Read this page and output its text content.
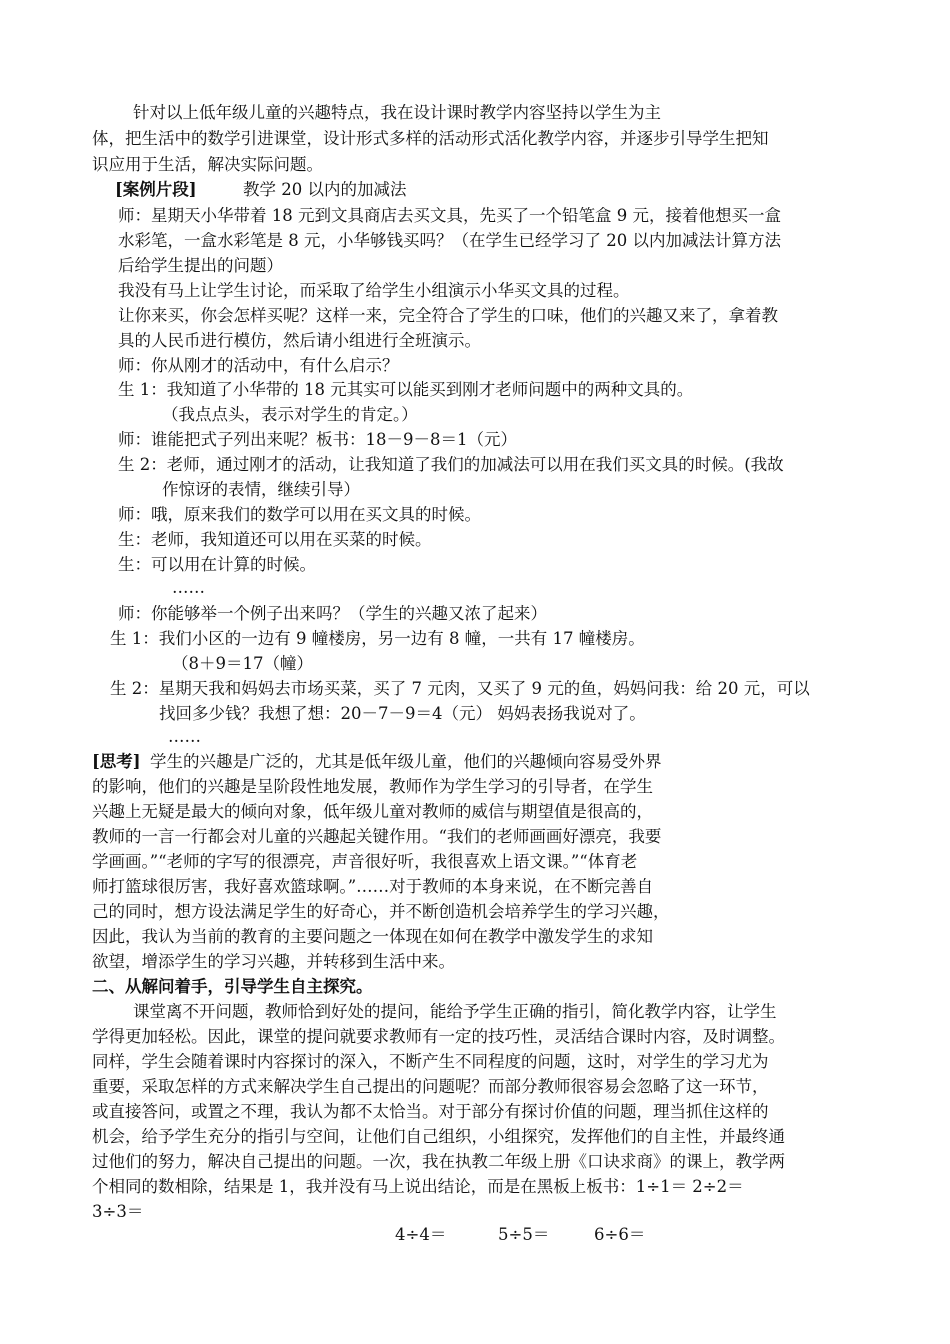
针对以上低年级儿童的兴趣特点，我在设计课时教学内容坚持以学生为主
体，把生活中的数学引进课堂，设计形式多样的活动形式活化教学内容，并逐步引导学生把知
识应用于生活，解决实际问题。
[案例片段]	教学 20 以内的加减法
师：星期天小华带着 18 元到文具商店去买文具，先买了一个铅笔盒 9 元，接着他想买一盒
水彩笔，一盒水彩笔是 8 元，小华够钱买吗？（在学生已经学习了 20 以内加减法计算方法
后给学生提出的问题）
我没有马上让学生讨论，而采取了给学生小组演示小华买文具的过程。
让你来买，你会怎样买呢？这样一来，完全符合了学生的口味，他们的兴趣又来了，拿着教
具的人民币进行模仿，然后请小组进行全班演示。
师：你从刚才的活动中，有什么启示？
生 1：我知道了小华带的 18 元其实可以能买到刚才老师问题中的两种文具的。
（我点点头，表示对学生的肯定。）
师：谁能把式子列出来呢？板书：18－9－8＝1（元）
生 2：老师，通过刚才的活动，让我知道了我们的加减法可以用在我们买文具的时候。(我故
作惊讶的表情，继续引导）
师：哦，原来我们的数学可以用在买文具的时候。
生：老师，我知道还可以用在买菜的时候。
生：可以用在计算的时候。
……
师：你能够举一个例子出来吗？（学生的兴趣又浓了起来）
生 1：我们小区的一边有 9 幢楼房，另一边有 8 幢，一共有 17 幢楼房。
（8＋9＝17（幢）
生 2：星期天我和妈妈去市场买菜，买了 7 元肉，又买了 9 元的鱼，妈妈问我：给 20 元，可以
找回多少钱？我想了想：20－7－9＝4（元） 妈妈表扬我说对了。
……
[思考] 学生的兴趣是广泛的，尤其是低年级儿童，他们的兴趣倾向容易受外界
的影响，他们的兴趣是呈阶段性地发展，教师作为学生学习的引导者，在学生
兴趣上无疑是最大的倾向对象，低年级儿童对教师的威信与期望值是很高的，
教师的一言一行都会对儿童的兴趣起关键作用。“我们的老师画画好漂亮，我要
学画画。”“老师的字写的很漂亮，声音很好听，我很喜欢上语文课。”“体育老
师打篮球很厉害，我好喜欢篮球啊。”……对于教师的本身来说，在不断完善自
己的同时，想方设法满足学生的好奇心，并不断创造机会培养学生的学习兴趣，
因此，我认为当前的教育的主要问题之一体现在如何在教学中激发学生的求知
欲望，增添学生的学习兴趣，并转移到生活中来。
二、从解问着手，引导学生自主探究。
课堂离不开问题，教师恰到好处的提问，能给予学生正确的指引，简化教学内容，让学生
学得更加轻松。因此，课堂的提问就要求教师有一定的技巧性，灵活结合课时内容，及时调整。
同样，学生会随着课时内容探讨的深入，不断产生不同程度的问题，这时，对学生的学习尤为
重要，采取怎样的方式来解决学生自己提出的问题呢？而部分教师很容易会忽略了这一环节，
或直接答问，或置之不理，我认为都不太恰当。对于部分有探讨价值的问题，理当抓住这样的
机会，给予学生充分的指引与空间，让他们自己组织，小组探究，发挥他们的自主性，并最终通
过他们的努力，解决自己提出的问题。一次，我在执教二年级上册《口诀求商》的课上，教学两
个相同的数相除，结果是 1，我并没有马上说出结论，而是在黑板上板书：1÷1＝ 2÷2＝
3÷3＝
4÷4＝	5÷5＝	6÷6＝
